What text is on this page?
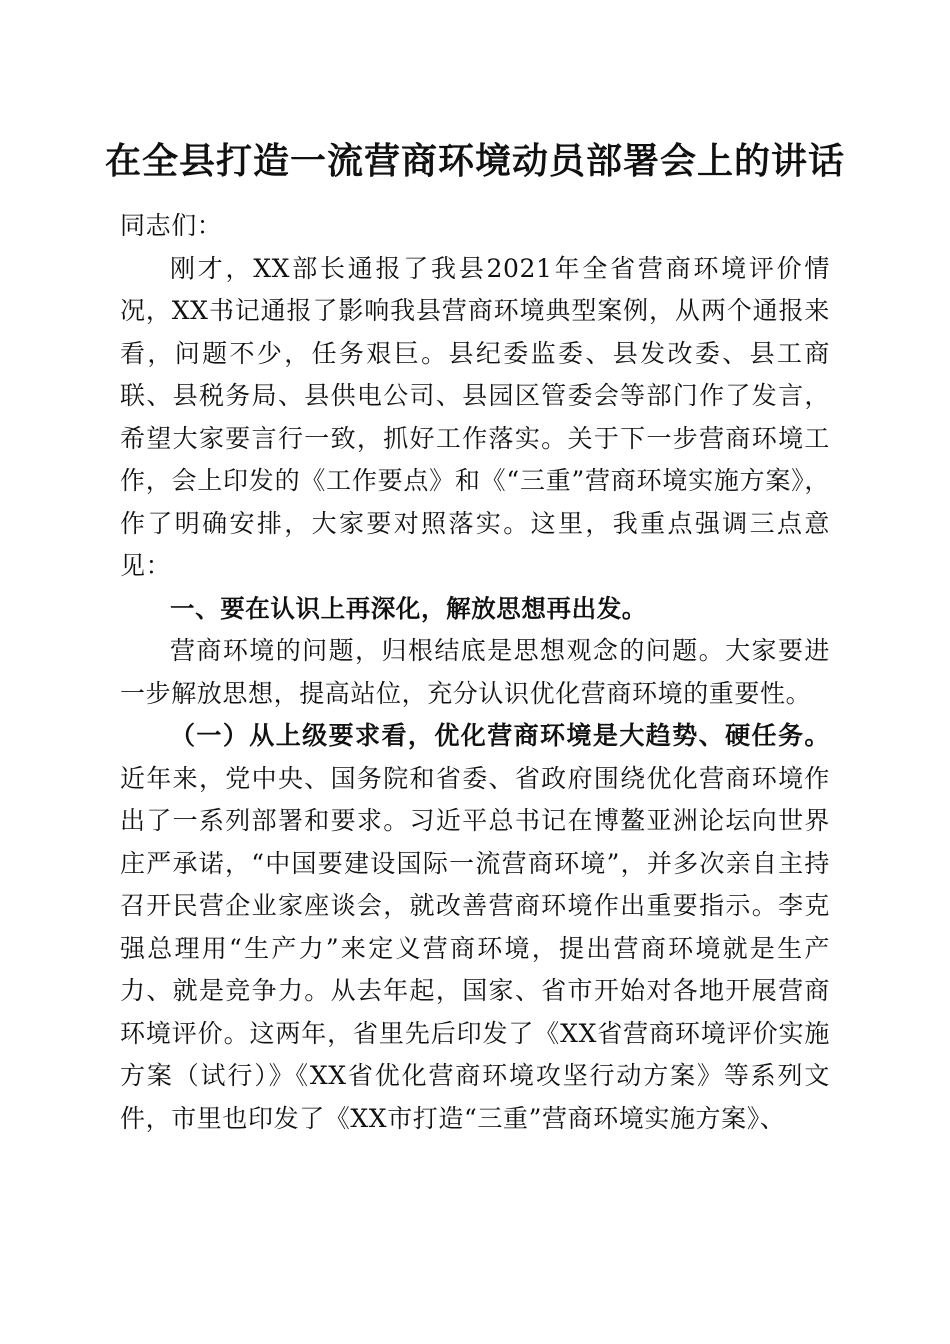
在全县打造一流营商环境动员部署会上的讲话

同志们：

刚才，XX部长通报了我县2021年全省营商环境评价情况，XX书记通报了影响我县营商环境典型案例，从两个通报来看，问题不少，任务艰巨。县纪委监委、县发改委、县工商联、县税务局、县供电公司、县园区管委会等部门作了发言，希望大家要言行一致，抓好工作落实。关于下一步营商环境工作，会上印发的《工作要点》和《“三重”营商环境实施方案》，作了明确安排，大家要对照落实。这里，我重点强调三点意见：

一、要在认识上再深化，解放思想再出发。

营商环境的问题，归根结底是思想观念的问题。大家要进一步解放思想，提高站位，充分认识优化营商环境的重要性。

（一）从上级要求看，优化营商环境是大趋势、硬任务。近年来，党中央、国务院和省委、省政府围绕优化营商环境作出了一系列部署和要求。习近平总书记在博鳌亚洲论坛向世界庄严承诺，“中国要建设国际一流营商环境”，并多次亲自主持召开民营企业家座谈会，就改善营商环境作出重要指示。李克强总理用“生产力”来定义营商环境，提出营商环境就是生产力、就是竞争力。从去年起，国家、省市开始对各地开展营商环境评价。这两年，省里先后印发了《XX省营商环境评价实施方案（试行）》《XX省优化营商环境攻坚行动方案》等系列文件，市里也印发了《XX市打造“三重”营商环境实施方案》、
